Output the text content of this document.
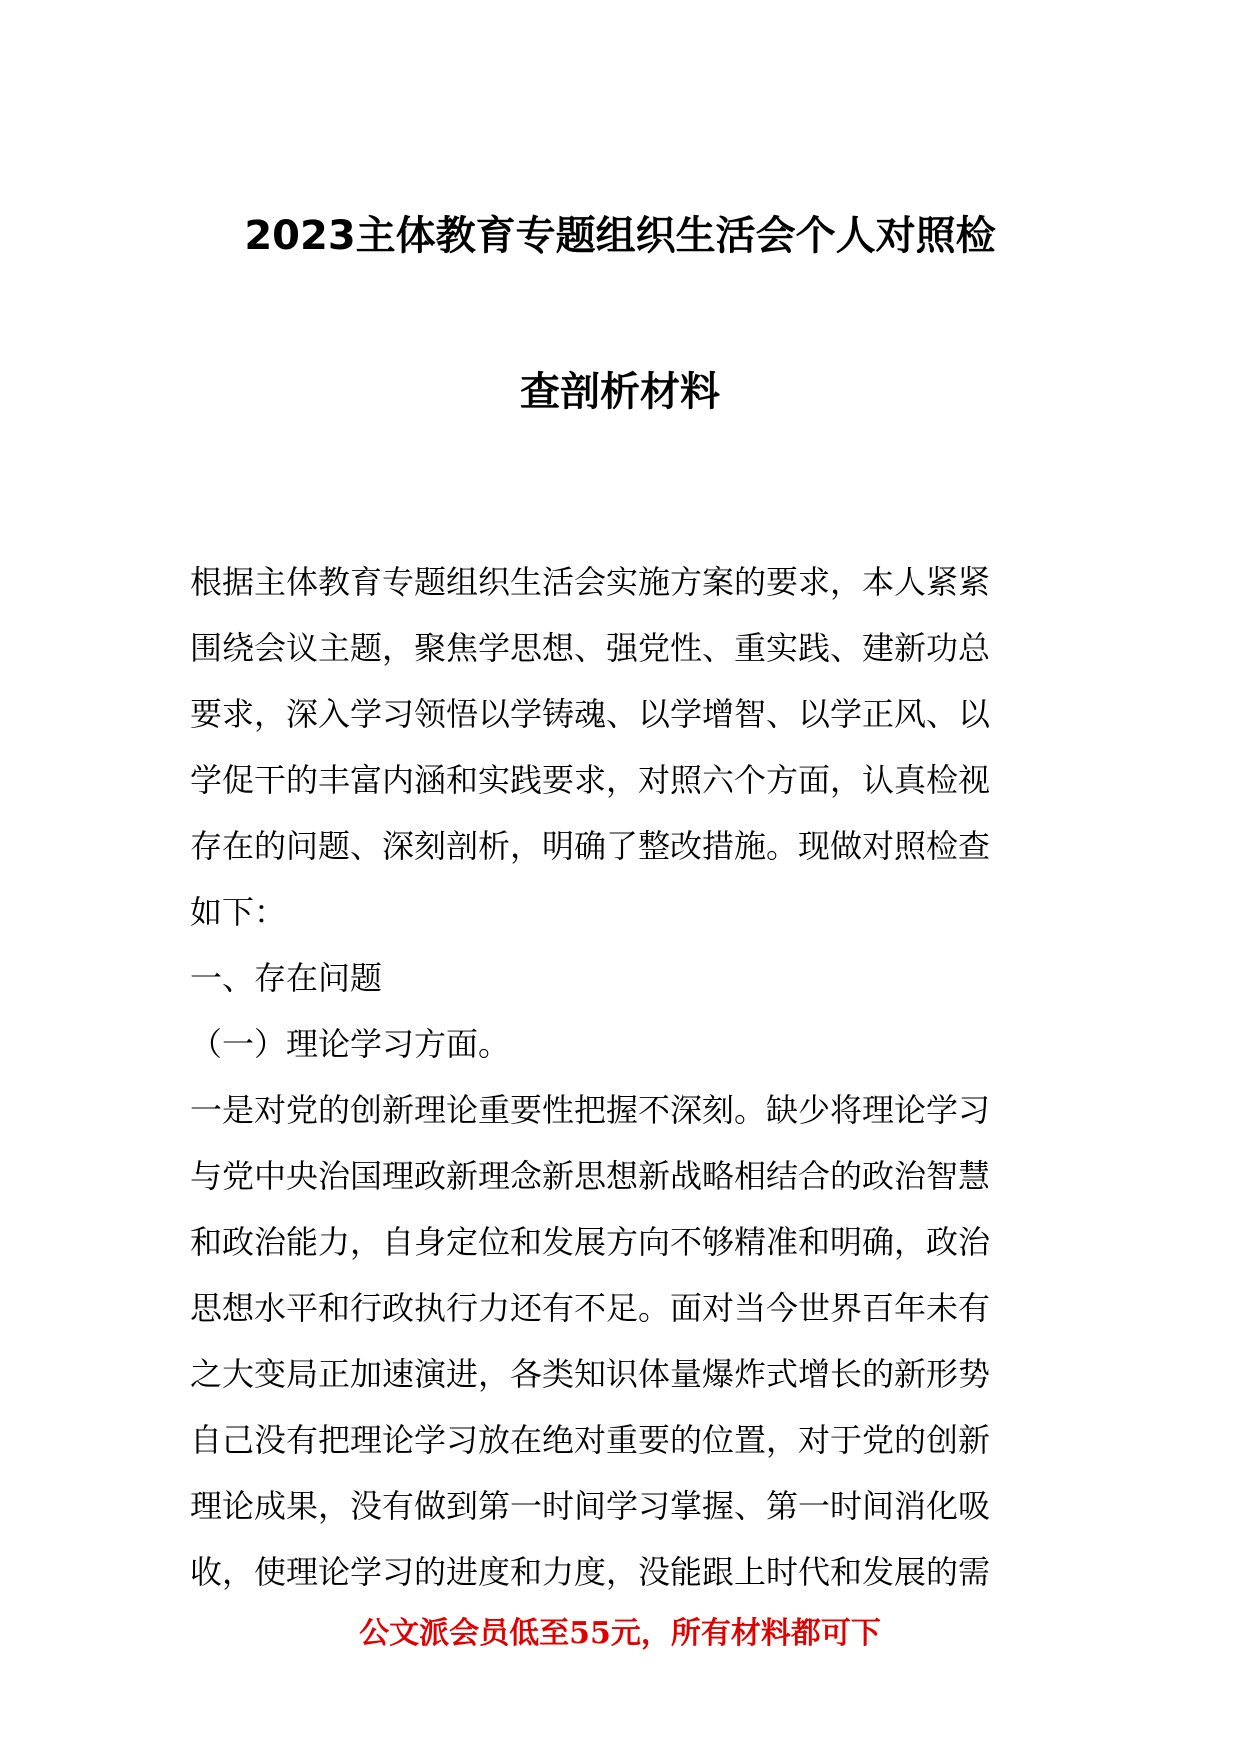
2023主体教育专题组织生活会个人对照检
查剖析材料
根据主体教育专题组织生活会实施方案的要求，本人紧紧
围绕会议主题，聚焦学思想、强党性、重实践、建新功总
要求，深入学习领悟以学铸魂、以学增智、以学正风、以
学促干的丰富内涵和实践要求，对照六个方面，认真检视
存在的问题、深刻剖析，明确了整改措施。现做对照检查
如下：
一、存在问题
（一）理论学习方面。
一是对党的创新理论重要性把握不深刻。缺少将理论学习
与党中央治国理政新理念新思想新战略相结合的政治智慧
和政治能力，自身定位和发展方向不够精准和明确，政治
思想水平和行政执行力还有不足。面对当今世界百年未有
之大变局正加速演进，各类知识体量爆炸式增长的新形势
自己没有把理论学习放在绝对重要的位置，对于党的创新
理论成果，没有做到第一时间学习掌握、第一时间消化吸
收，使理论学习的进度和力度，没能跟上时代和发展的需
公文派会员低至55元，所有材料都可下
